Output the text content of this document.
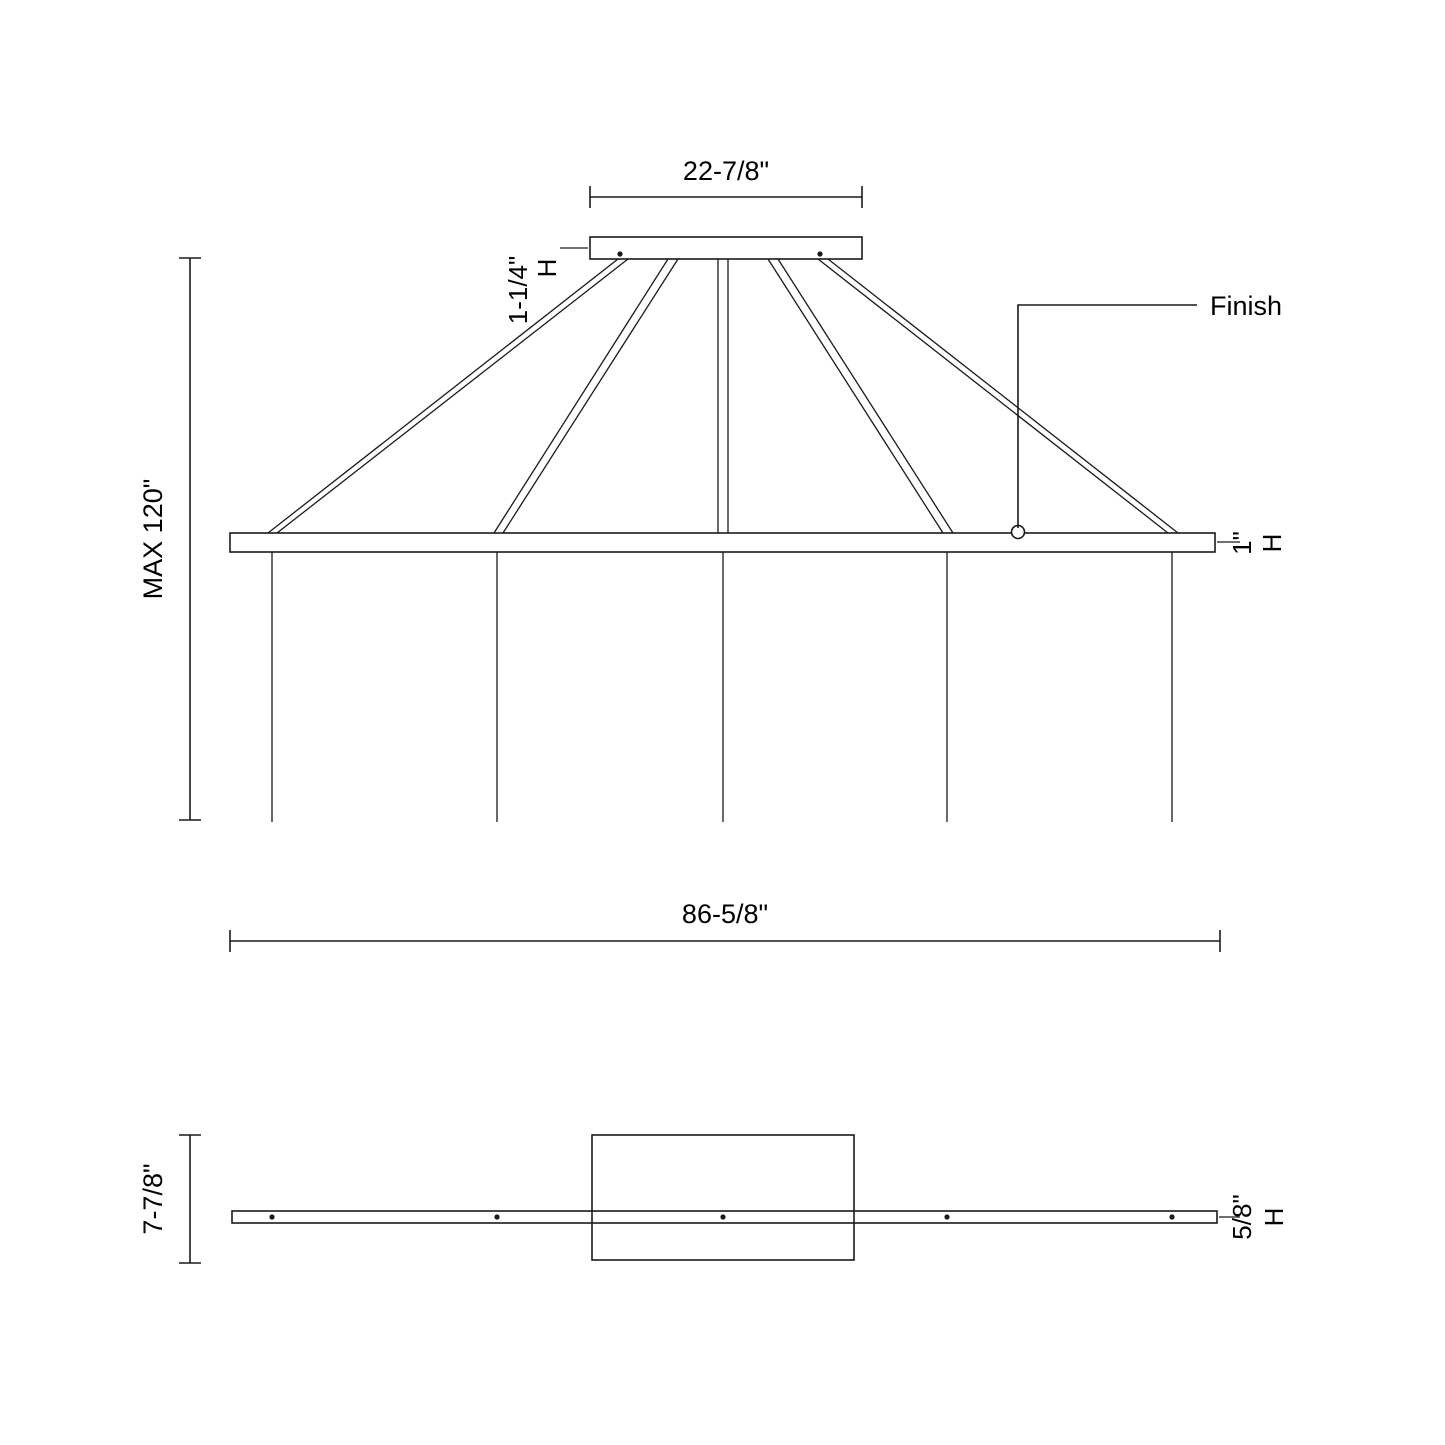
22-7/8"
1-1/4" H
MAX 120"	1" H
Finish
86-5/8"
7-7/8"	5/8" H
